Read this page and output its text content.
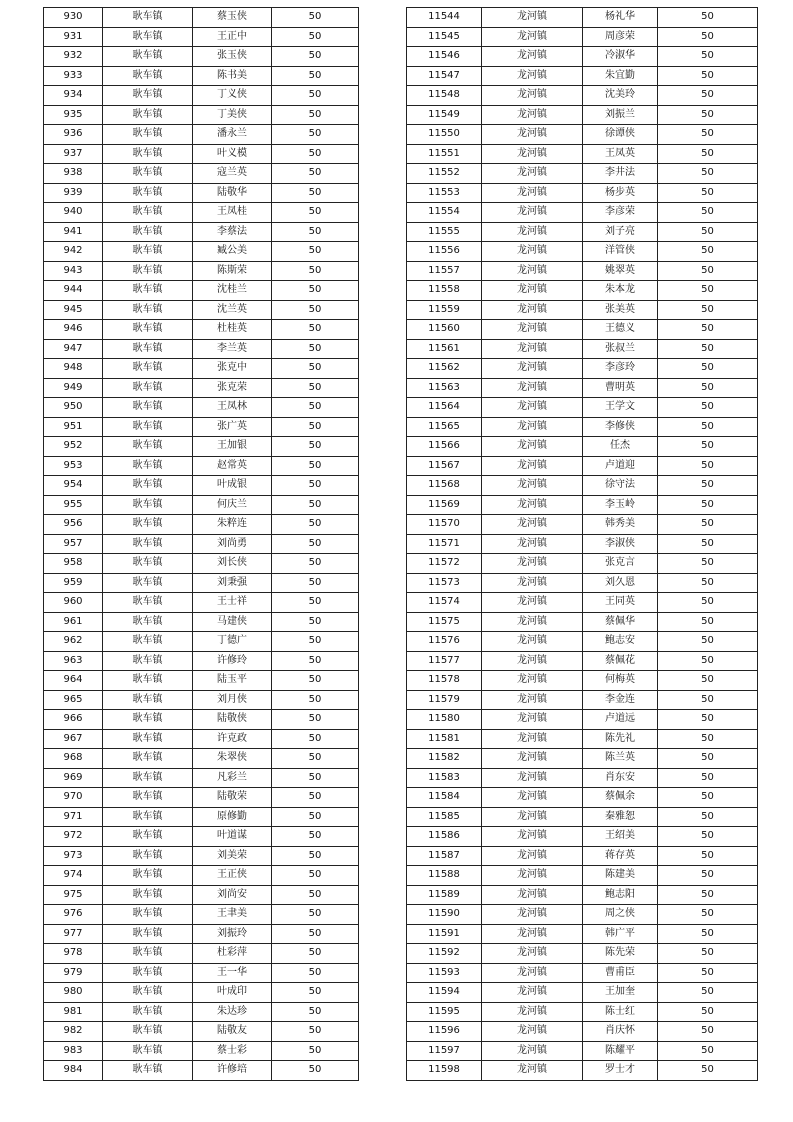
930	耿车镇	蔡玉侠	50
931	耿车镇	王正中	50
932	耿车镇	张玉侠	50
933	耿车镇	陈书美	50
934	耿车镇	丁义侠	50
935	耿车镇	丁美侠	50
936	耿车镇	潘永兰	50
937	耿车镇	叶义模	50
938	耿车镇	寇兰英	50
939	耿车镇	陆敬华	50
940	耿车镇	王凤桂	50
941	耿车镇	李蔡法	50
942	耿车镇	臧公美	50
943	耿车镇	陈斯荣	50
944	耿车镇	沈桂兰	50
945	耿车镇	沈兰英	50
946	耿车镇	杜桂英	50
947	耿车镇	李兰英	50
948	耿车镇	张克中	50
949	耿车镇	张克荣	50
950	耿车镇	王凤林	50
951	耿车镇	张广英	50
952	耿车镇	王加银	50
953	耿车镇	赵常英	50
954	耿车镇	叶成银	50
955	耿车镇	何庆兰	50
956	耿车镇	朱粹连	50
957	耿车镇	刘尚勇	50
958	耿车镇	刘长侠	50
959	耿车镇	刘秉强	50
960	耿车镇	王士祥	50
961	耿车镇	马建侠	50
962	耿车镇	丁德广	50
963	耿车镇	许修玲	50
964	耿车镇	陆玉平	50
965	耿车镇	刘月侠	50
966	耿车镇	陆敬侠	50
967	耿车镇	许克政	50
968	耿车镇	朱翠侠	50
969	耿车镇	凡彩兰	50
970	耿车镇	陆敬荣	50
971	耿车镇	原修勤	50
972	耿车镇	叶道谋	50
973	耿车镇	刘美荣	50
974	耿车镇	王正侠	50
975	耿车镇	刘尚安	50
976	耿车镇	王聿美	50
977	耿车镇	刘振玲	50
978	耿车镇	杜彩萍	50
979	耿车镇	王一华	50
980	耿车镇	叶成印	50
981	耿车镇	朱达珍	50
982	耿车镇	陆敬友	50
983	耿车镇	蔡士彩	50
984	耿车镇	许修培	50
11544	龙河镇	杨礼华	50
11545	龙河镇	周彦荣	50
11546	龙河镇	冷淑华	50
11547	龙河镇	朱宜勤	50
11548	龙河镇	沈美玲	50
11549	龙河镇	刘振兰	50
11550	龙河镇	徐谭侠	50
11551	龙河镇	王凤英	50
11552	龙河镇	李井法	50
11553	龙河镇	杨步英	50
11554	龙河镇	李彦荣	50
11555	龙河镇	刘子亮	50
11556	龙河镇	洋管侠	50
11557	龙河镇	姚翠英	50
11558	龙河镇	朱本龙	50
11559	龙河镇	张美英	50
11560	龙河镇	王德义	50
11561	龙河镇	张叔兰	50
11562	龙河镇	李彦玲	50
11563	龙河镇	曹明英	50
11564	龙河镇	王学文	50
11565	龙河镇	李修侠	50
11566	龙河镇	任杰	50
11567	龙河镇	卢道迎	50
11568	龙河镇	徐守法	50
11569	龙河镇	李玉岭	50
11570	龙河镇	韩秀美	50
11571	龙河镇	李淑侠	50
11572	龙河镇	张克言	50
11573	龙河镇	刘久恩	50
11574	龙河镇	王同英	50
11575	龙河镇	蔡佩华	50
11576	龙河镇	鲍志安	50
11577	龙河镇	蔡佩花	50
11578	龙河镇	何梅英	50
11579	龙河镇	李金连	50
11580	龙河镇	卢道远	50
11581	龙河镇	陈先礼	50
11582	龙河镇	陈兰英	50
11583	龙河镇	肖东安	50
11584	龙河镇	蔡佩余	50
11585	龙河镇	秦雅恕	50
11586	龙河镇	王绍美	50
11587	龙河镇	蒋存英	50
11588	龙河镇	陈建美	50
11589	龙河镇	鲍志阳	50
11590	龙河镇	周之侠	50
11591	龙河镇	韩广平	50
11592	龙河镇	陈先荣	50
11593	龙河镇	曹甫臣	50
11594	龙河镇	王加奎	50
11595	龙河镇	陈士红	50
11596	龙河镇	肖庆怀	50
11597	龙河镇	陈耀平	50
11598	龙河镇	罗士才	50
